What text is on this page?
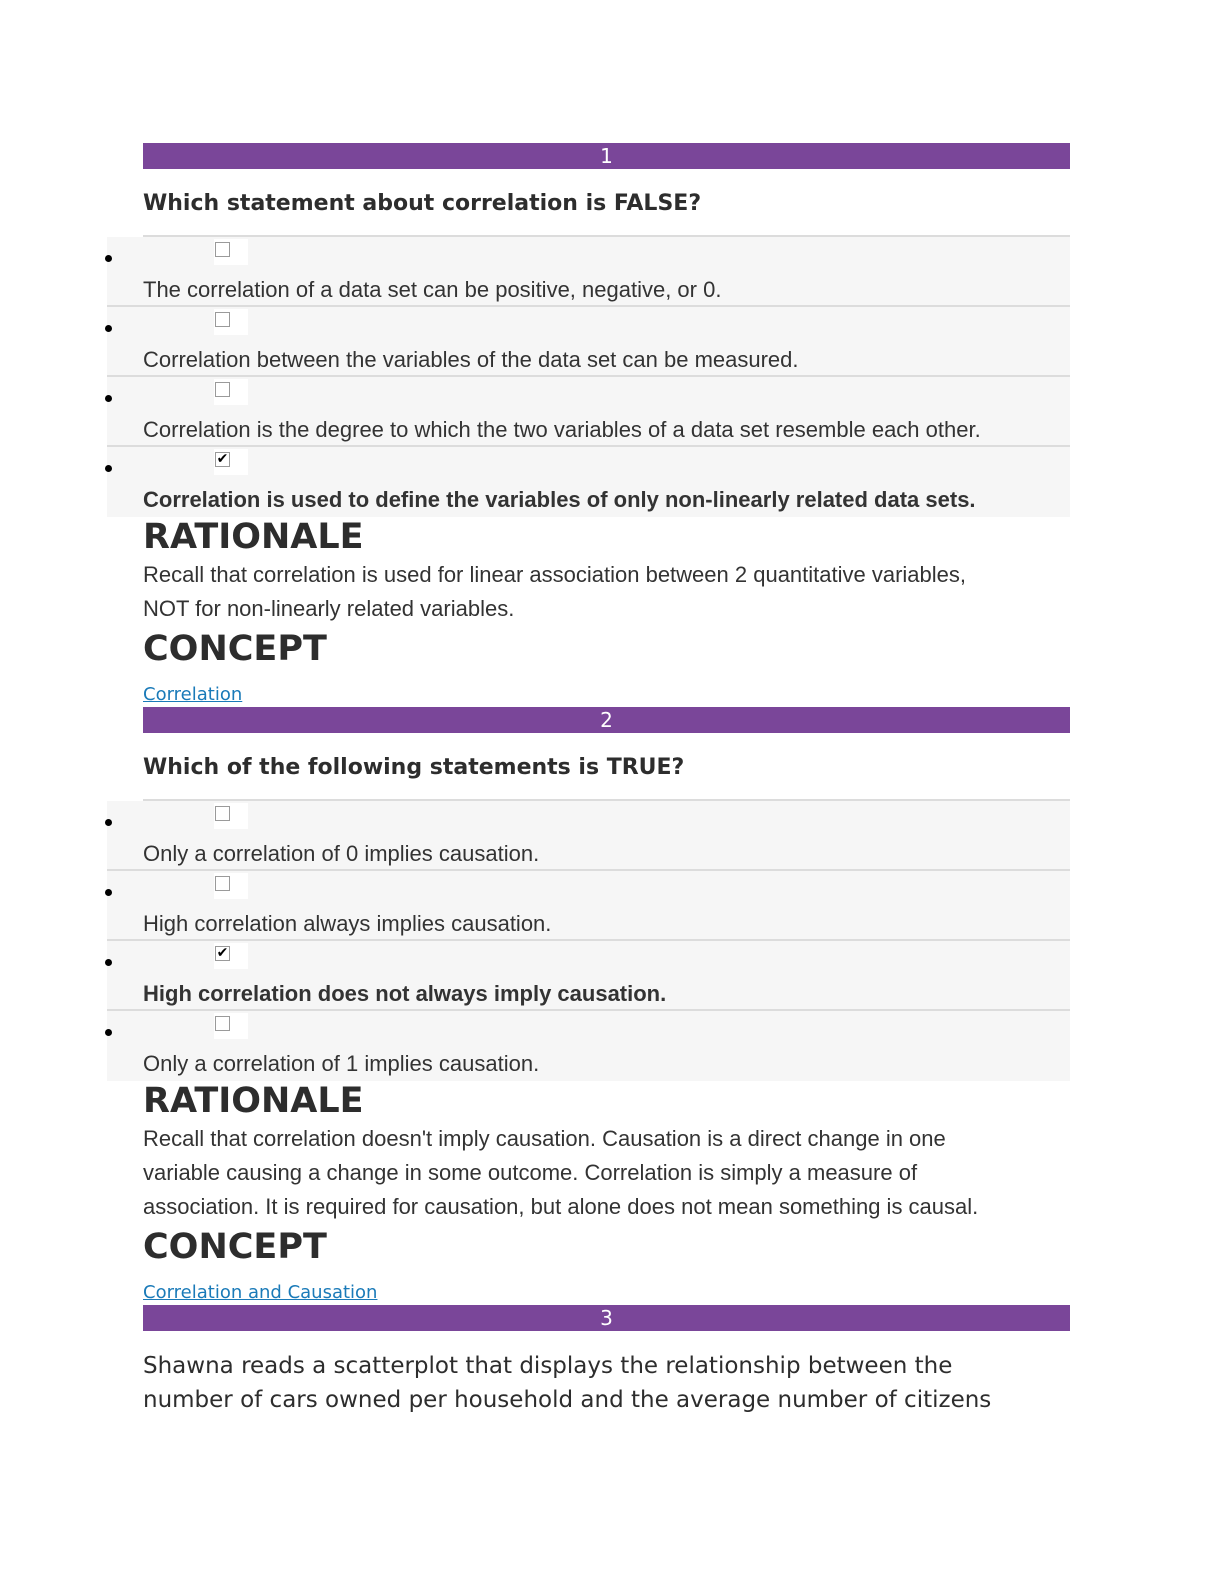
1
Which statement about correlation is FALSE?
The correlation of a data set can be positive, negative, or 0.
Correlation between the variables of the data set can be measured.
Correlation is the degree to which the two variables of a data set resemble each other.
✔
Correlation is used to define the variables of only non-linearly related data sets.
RATIONALE
Recall that correlation is used for linear association between 2 quantitative variables,
NOT for non-linearly related variables.
CONCEPT
Correlation
2
Which of the following statements is TRUE?
Only a correlation of 0 implies causation.
High correlation always implies causation.
✔
High correlation does not always imply causation.
Only a correlation of 1 implies causation.
RATIONALE
Recall that correlation doesn't imply causation. Causation is a direct change in one
variable causing a change in some outcome. Correlation is simply a measure of
association. It is required for causation, but alone does not mean something is causal.
CONCEPT
Correlation and Causation
3
Shawna reads a scatterplot that displays the relationship between the
number of cars owned per household and the average number of citizens
